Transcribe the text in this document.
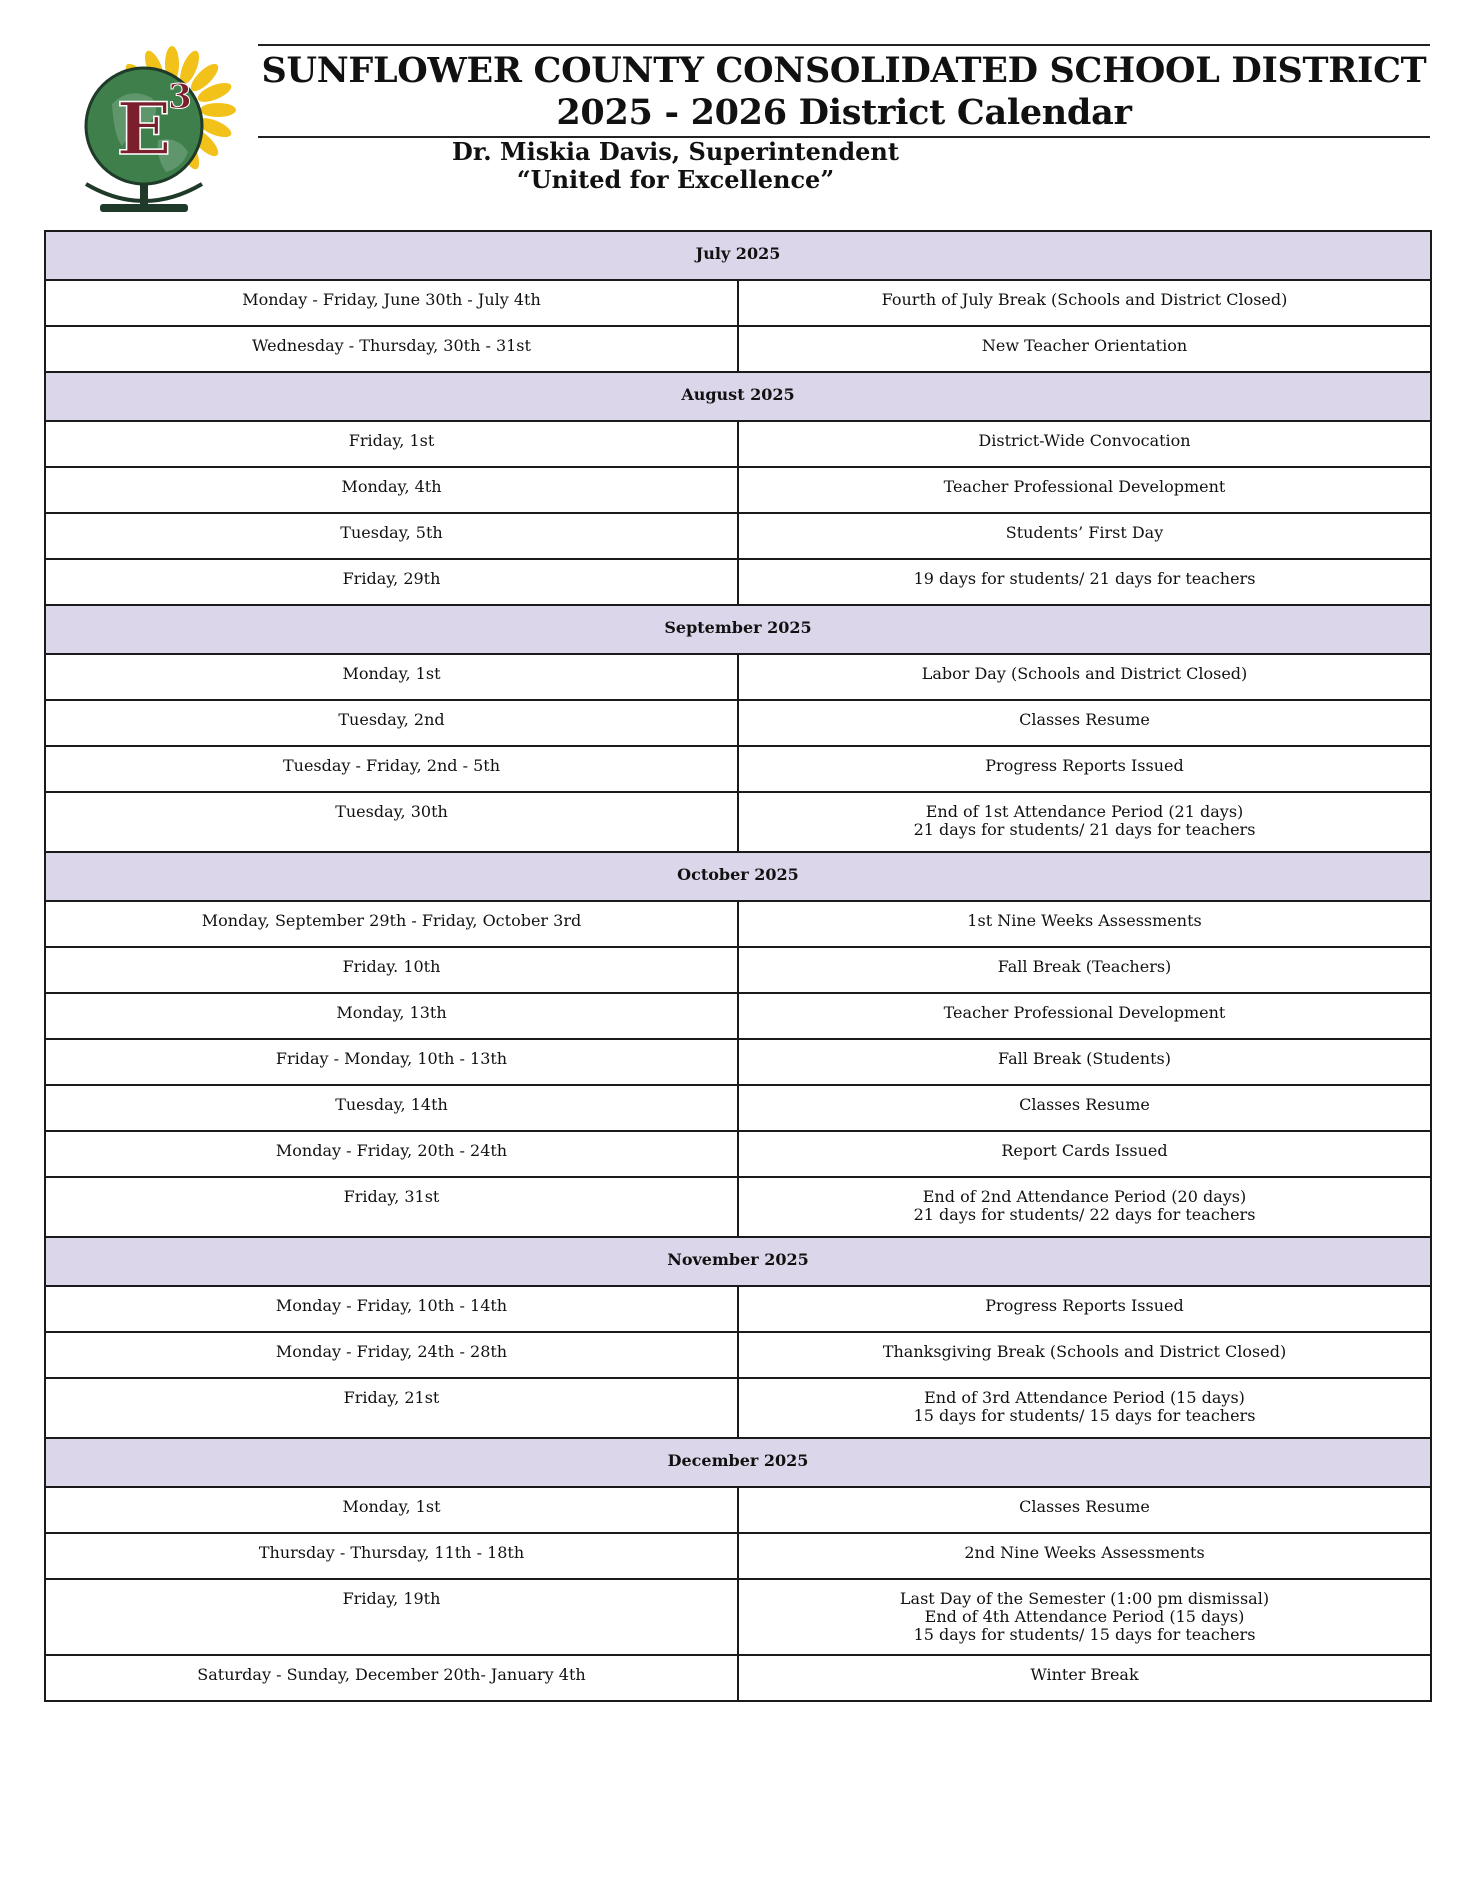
E
3
SUNFLOWER COUNTY CONSOLIDATED SCHOOL DISTRICT
2025 - 2026 District Calendar
Dr. Miskia Davis, Superintendent
“United for Excellence”
July 2025	
Monday - Friday, June 30th - July 4th	Fourth of July Break (Schools and District Closed)

Wednesday - Thursday, 30th - 31st	New Teacher Orientation

August 2025	
Friday, 1st	District-Wide Convocation

Monday, 4th	Teacher Professional Development

Tuesday, 5th	Students’ First Day

Friday, 29th	19 days for students/ 21 days for teachers

September 2025	
Monday, 1st	Labor Day (Schools and District Closed)

Tuesday, 2nd	Classes Resume

Tuesday - Friday, 2nd - 5th	Progress Reports Issued

Tuesday, 30th	End of 1st Attendance Period (21 days)
21 days for students/ 21 days for teachers

October 2025	
Monday, September 29th - Friday, October 3rd	1st Nine Weeks Assessments

Friday. 10th	Fall Break (Teachers)

Monday, 13th	Teacher Professional Development

Friday - Monday, 10th - 13th	Fall Break (Students)

Tuesday, 14th	Classes Resume

Monday - Friday, 20th - 24th	Report Cards Issued

Friday, 31st	End of 2nd Attendance Period (20 days)
21 days for students/ 22 days for teachers

November 2025	
Monday - Friday, 10th - 14th	Progress Reports Issued

Monday - Friday, 24th - 28th	Thanksgiving Break (Schools and District Closed)

Friday, 21st	End of 3rd Attendance Period (15 days)
15 days for students/ 15 days for teachers

December 2025	
Monday, 1st	Classes Resume

Thursday - Thursday, 11th - 18th	2nd Nine Weeks Assessments

Friday, 19th	Last Day of the Semester (1:00 pm dismissal)
End of 4th Attendance Period (15 days)
15 days for students/ 15 days for teachers

Saturday - Sunday, December 20th- January 4th	Winter Break
